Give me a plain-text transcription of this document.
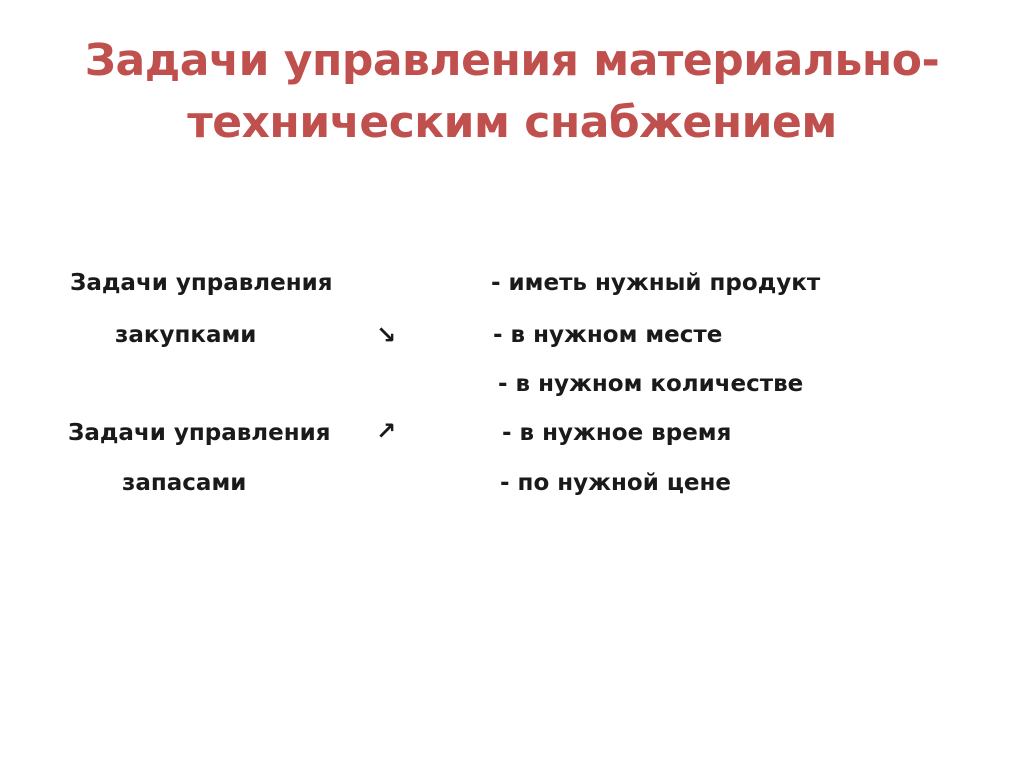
Задачи управления материально-техническим снабжением
Задачи управления
закупками	↘
Задачи управления ↗
запасами
- иметь нужный продукт
- в нужном месте
- в нужном количестве
- в нужное время
- по нужной цене
